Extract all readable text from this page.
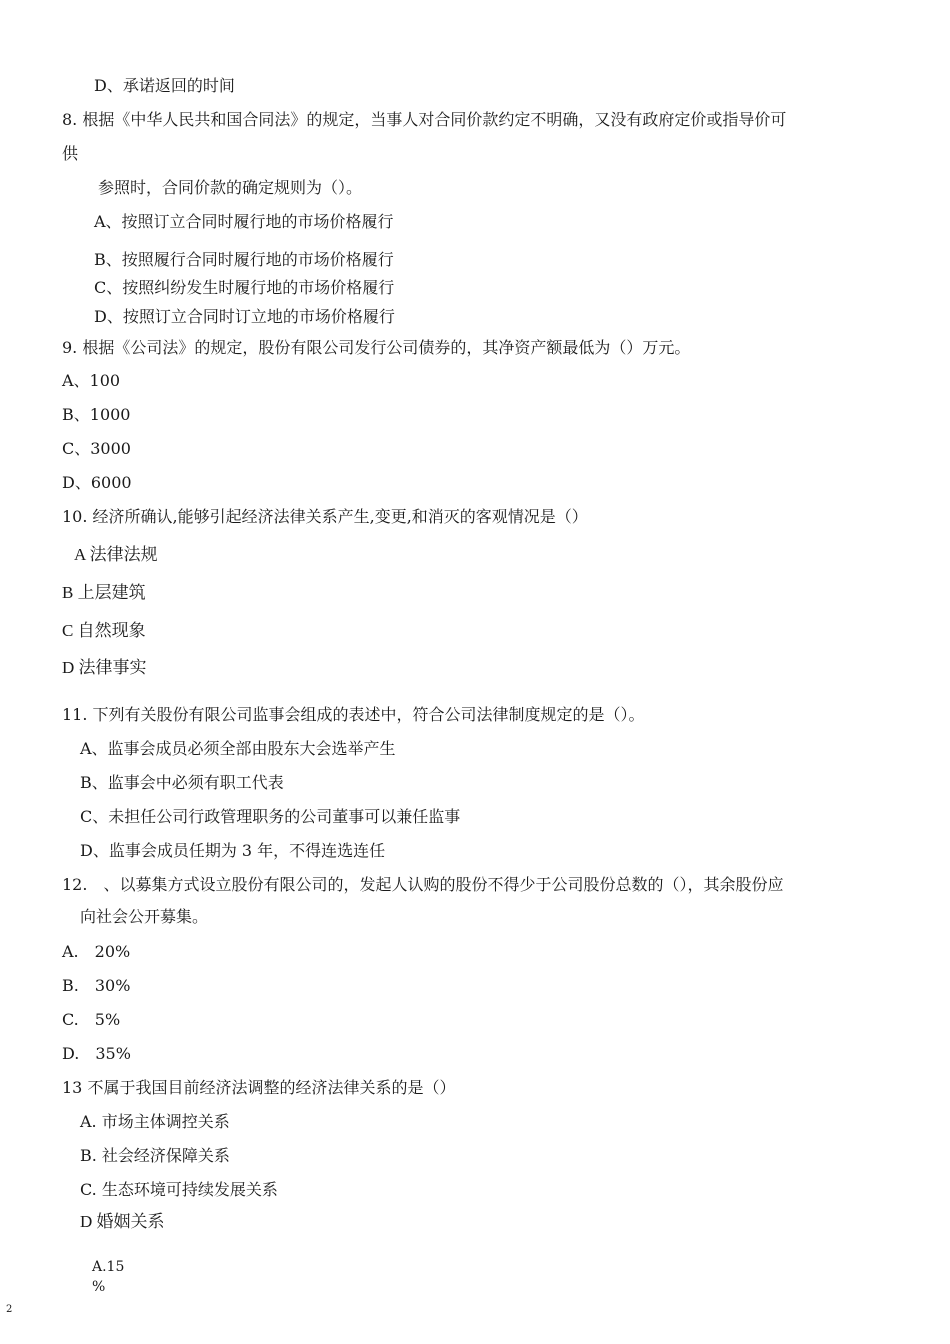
D、承诺返回的时间
8. 根据《中华人民共和国合同法》的规定，当事人对合同价款约定不明确，又没有政府定价或指导价可
供
参照时，合同价款的确定规则为（）。
A、按照订立合同时履行地的市场价格履行
B、按照履行合同时履行地的市场价格履行
C、按照纠纷发生时履行地的市场价格履行
D、按照订立合同时订立地的市场价格履行
9. 根据《公司法》的规定，股份有限公司发行公司债券的，其净资产额最低为（）万元。
A、100
B、1000
C、3000
D、6000
10. 经济所确认,能够引起经济法律关系产生,变更,和消灭的客观情况是（）
A 法律法规
B 上层建筑
C 自然现象
D 法律事实
11. 下列有关股份有限公司监事会组成的表述中，符合公司法律制度规定的是（）。
A、监事会成员必须全部由股东大会选举产生
B、监事会中必须有职工代表
C、未担任公司行政管理职务的公司董事可以兼任监事
D、监事会成员任期为 3 年，不得连选连任
12.　、以募集方式设立股份有限公司的，发起人认购的股份不得少于公司股份总数的（），其余股份应
向社会公开募集。
A.　20%
B.　30%
C.　5%
D.　35%
13 不属于我国目前经济法调整的经济法律关系的是（）
A. 市场主体调控关系
B. 社会经济保障关系
C. 生态环境可持续发展关系
D 婚姻关系
A.15
%
2
